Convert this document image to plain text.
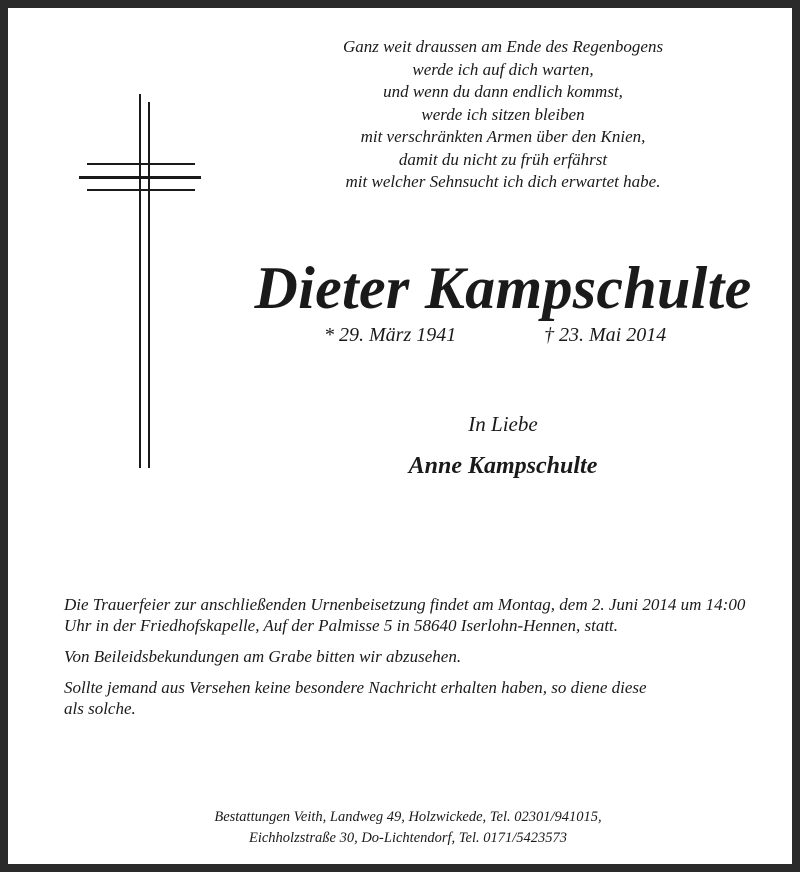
Ganz weit draussen am Ende des Regenbogens
werde ich auf dich warten,
und wenn du dann endlich kommst,
werde ich sitzen bleiben
mit verschränkten Armen über den Knien,
damit du nicht zu früh erfährst
mit welcher Sehnsucht ich dich erwartet habe.
Dieter Kampschulte
* 29. März 1941	† 23. Mai 2014
In Liebe
Anne Kampschulte

Die Trauerfeier zur anschließenden Urnenbeisetzung findet am Montag, dem 2. Juni 2014 um 14:00 Uhr in der Friedhofskapelle, Auf der Palmisse 5 in 58640 Iserlohn-Hennen, statt.

Von Beileidsbekundungen am Grabe bitten wir abzusehen.

Sollte jemand aus Versehen keine besondere Nachricht erhalten haben, so diene diese als solche.

Bestattungen Veith, Landweg 49, Holzwickede, Tel. 02301/941015,
Eichholzstraße 30, Do-Lichtendorf, Tel. 0171/5423573
